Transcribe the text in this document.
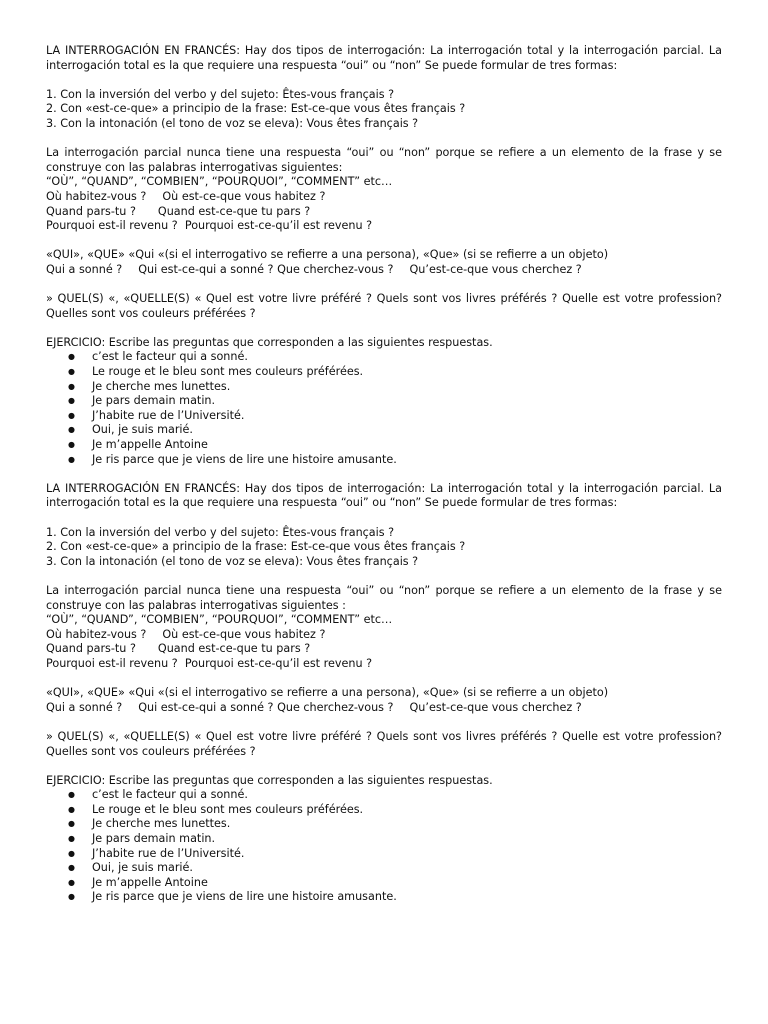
LA INTERROGACIÓN EN FRANCÉS: Hay dos tipos de interrogación: La interrogación total y la interrogación parcial. La interrogación total es la que requiere una respuesta “oui” ou “non” Se puede formular de tres formas:

1. Con la inversión del verbo y del sujeto: Êtes-vous français ?
2. Con «est-ce-que» a principio de la frase: Est-ce-que vous êtes français ?
3. Con la intonación (el tono de voz se eleva): Vous êtes français ?

La interrogación parcial nunca tiene una respuesta “oui” ou “non” porque se refiere a un elemento de la frase y se construye con las palabras interrogativas siguientes:

“OÙ”, “QUAND”, “COMBIEN”, “POURQUOI”, “COMMENT” etc…
Où habitez-vous ? Où est-ce-que vous habitez ?
Quand pars-tu ? Quand est-ce-que tu pars ?
Pourquoi est-il revenu ? Pourquoi est-ce-qu’il est revenu ?

«QUI», «QUE» «Qui «(si el interrogativo se refierre a una persona), «Que» (si se refierre a un objeto)

Qui a sonné ? Qui est-ce-qui a sonné ? Que cherchez-vous ? Qu’est-ce-que vous cherchez ?

» QUEL(S) «, «QUELLE(S) « Quel est votre livre préféré ? Quels sont vos livres préférés ? Quelle est votre profession? Quelles sont vos couleurs préférées ?

EJERCICIO: Escribe las preguntas que corresponden a las siguientes respuestas.
● c’est le facteur qui a sonné.
● Le rouge et le bleu sont mes couleurs préférées.
● Je cherche mes lunettes.
● Je pars demain matin.
● J’habite rue de l’Université.
● Oui, je suis marié.
● Je m’appelle Antoine
● Je ris parce que je viens de lire une histoire amusante.

LA INTERROGACIÓN EN FRANCÉS: Hay dos tipos de interrogación: La interrogación total y la interrogación parcial. La interrogación total es la que requiere una respuesta “oui” ou “non” Se puede formular de tres formas:

1. Con la inversión del verbo y del sujeto: Êtes-vous français ?
2. Con «est-ce-que» a principio de la frase: Est-ce-que vous êtes français ?
3. Con la intonación (el tono de voz se eleva): Vous êtes français ?

La interrogación parcial nunca tiene una respuesta “oui” ou “non” porque se refiere a un elemento de la frase y se construye con las palabras interrogativas siguientes :

“OÙ”, “QUAND”, “COMBIEN”, “POURQUOI”, “COMMENT” etc…
Où habitez-vous ? Où est-ce-que vous habitez ?
Quand pars-tu ? Quand est-ce-que tu pars ?
Pourquoi est-il revenu ? Pourquoi est-ce-qu’il est revenu ?

«QUI», «QUE» «Qui «(si el interrogativo se refierre a una persona), «Que» (si se refierre a un objeto)

Qui a sonné ? Qui est-ce-qui a sonné ? Que cherchez-vous ? Qu’est-ce-que vous cherchez ?

» QUEL(S) «, «QUELLE(S) « Quel est votre livre préféré ? Quels sont vos livres préférés ? Quelle est votre profession? Quelles sont vos couleurs préférées ?

EJERCICIO: Escribe las preguntas que corresponden a las siguientes respuestas.
● c’est le facteur qui a sonné.
● Le rouge et le bleu sont mes couleurs préférées.
● Je cherche mes lunettes.
● Je pars demain matin.
● J’habite rue de l’Université.
● Oui, je suis marié.
● Je m’appelle Antoine
● Je ris parce que je viens de lire une histoire amusante.
